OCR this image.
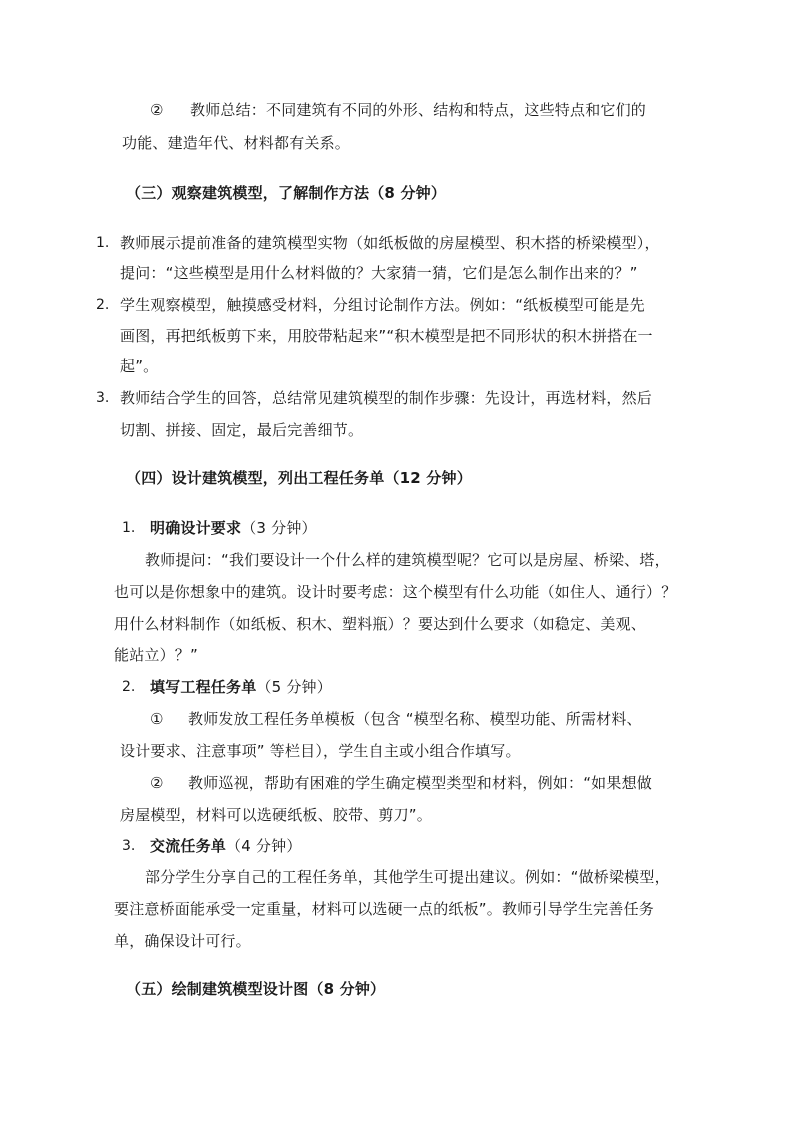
② 教师总结：不同建筑有不同的外形、结构和特点，这些特点和它们的
功能、建造年代、材料都有关系。
（三）观察建筑模型，了解制作方法（8 分钟）
1. 教师展示提前准备的建筑模型实物（如纸板做的房屋模型、积木搭的桥梁模型），
提问：“这些模型是用什么材料做的？大家猜一猜，它们是怎么制作出来的？”
2. 学生观察模型，触摸感受材料，分组讨论制作方法。例如：“纸板模型可能是先
画图，再把纸板剪下来，用胶带粘起来”“积木模型是把不同形状的积木拼搭在一
起”。
3. 教师结合学生的回答，总结常见建筑模型的制作步骤：先设计，再选材料，然后
切割、拼接、固定，最后完善细节。
（四）设计建筑模型，列出工程任务单（12 分钟）
1. 明确设计要求（3 分钟）
教师提问：“我们要设计一个什么样的建筑模型呢？它可以是房屋、桥梁、塔，
也可以是你想象中的建筑。设计时要考虑：这个模型有什么功能（如住人、通行）？
用什么材料制作（如纸板、积木、塑料瓶）？要达到什么要求（如稳定、美观、
能站立）？”
2. 填写工程任务单（5 分钟）
① 教师发放工程任务单模板（包含 “模型名称、模型功能、所需材料、
设计要求、注意事项” 等栏目），学生自主或小组合作填写。
② 教师巡视，帮助有困难的学生确定模型类型和材料，例如：“如果想做
房屋模型，材料可以选硬纸板、胶带、剪刀”。
3. 交流任务单（4 分钟）
部分学生分享自己的工程任务单，其他学生可提出建议。例如：“做桥梁模型，
要注意桥面能承受一定重量，材料可以选硬一点的纸板”。教师引导学生完善任务
单，确保设计可行。
（五）绘制建筑模型设计图（8 分钟）
